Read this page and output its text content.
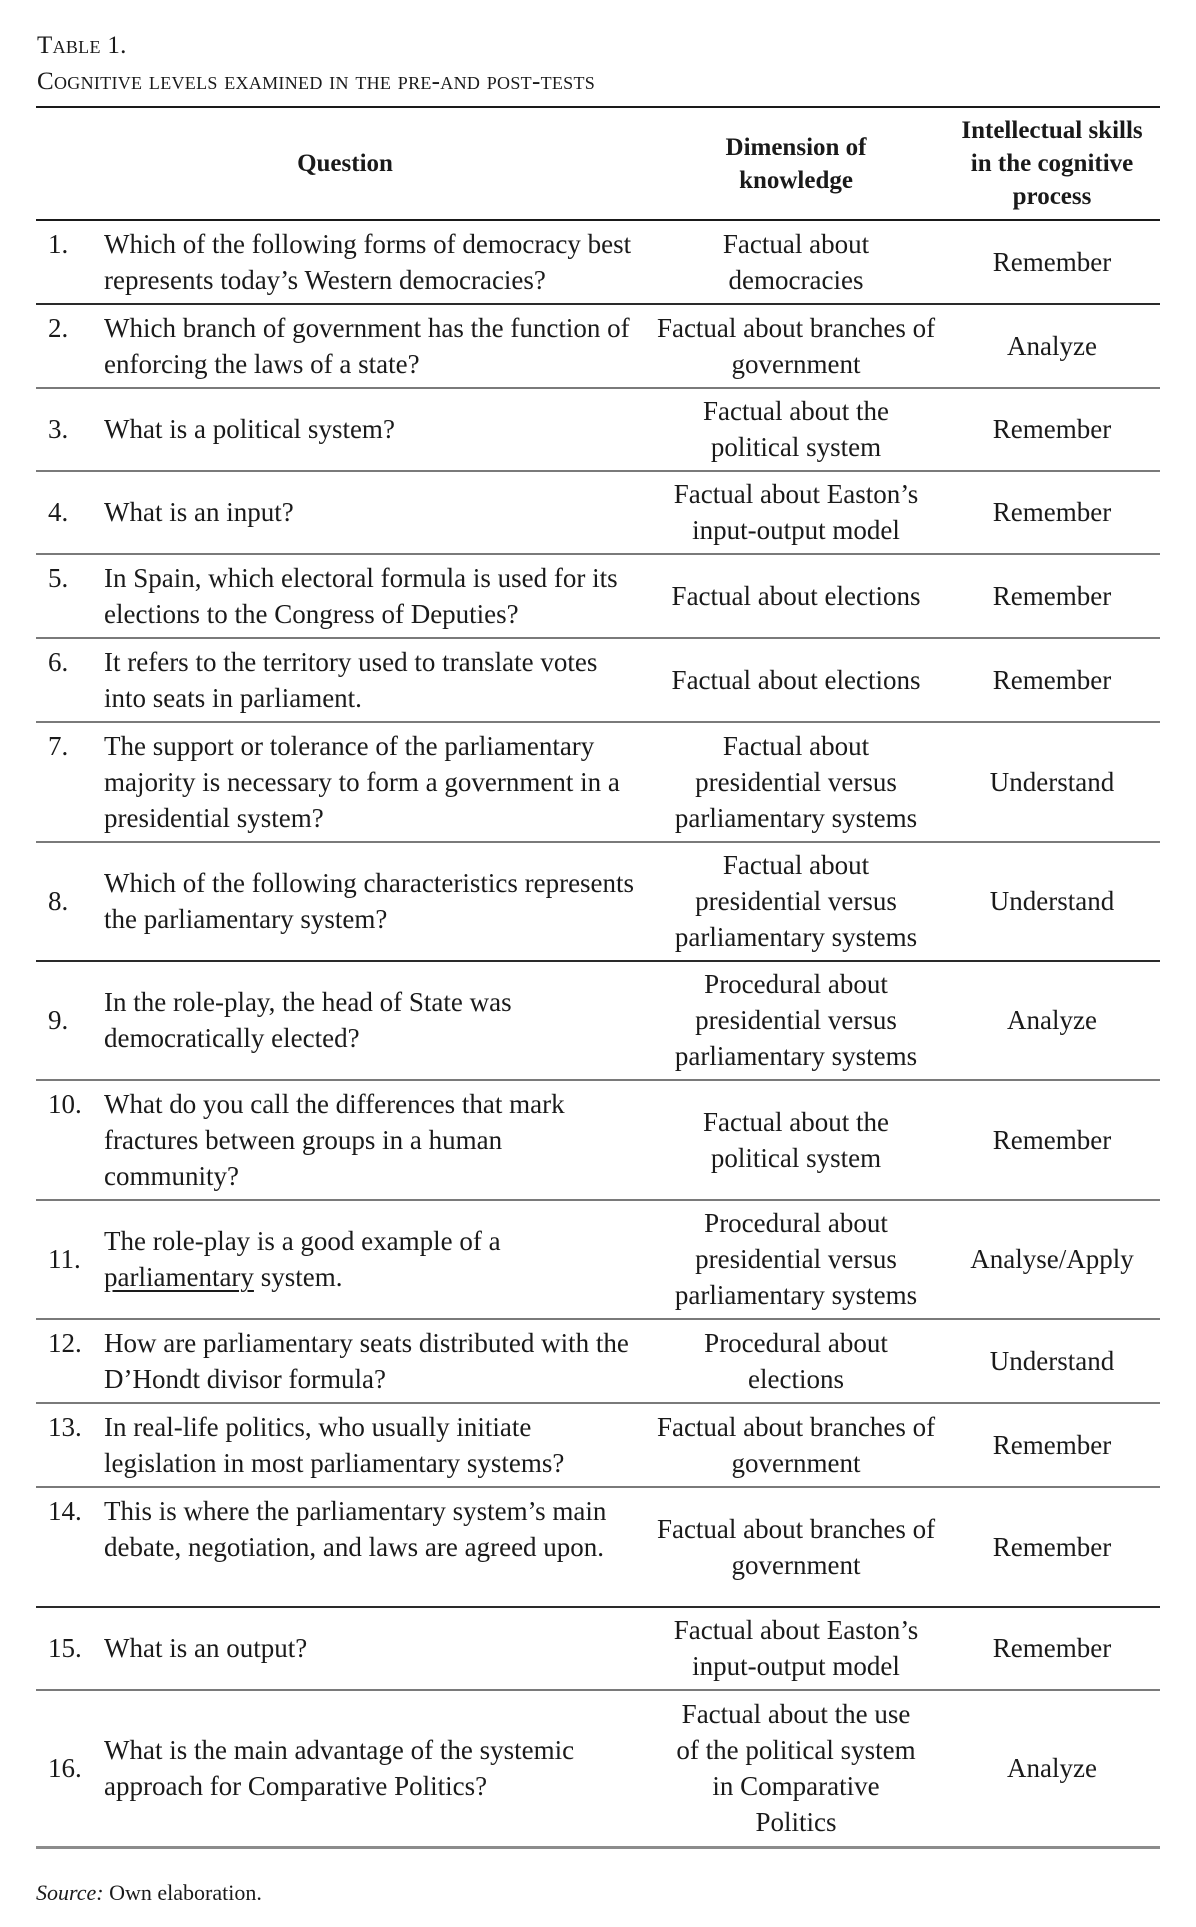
Table 1.
Cognitive levels examined in the pre-and post-tests
Question		Dimension of knowledge	Intellectual skills in the cognitive process

1.	Which of the following forms of democracy best represents today’s Western democracies?	Factual about democracies	Remember
2.	Which branch of government has the function of enforcing the laws of a state?	Factual about branches of government	Analyze
3.	What is a political system?	Factual about the political system	Remember
4.	What is an input?	Factual about Easton’s input-output model	Remember
5.	In Spain, which electoral formula is used for its elections to the Congress of Deputies?	Factual about elections	Remember
6.	It refers to the territory used to translate votes into seats in parliament.	Factual about elections	Remember
7.	The support or tolerance of the parliamentary majority is necessary to form a government in a presidential system?	Factual about presidential versus parliamentary systems	Understand
8.	Which of the following characteristics represents the parliamentary system?	Factual about presidential versus parliamentary systems	Understand
9.	In the role-play, the head of State was democratically elected?	Procedural about presidential versus parliamentary systems	Analyze
10.	What do you call the differences that mark fractures between groups in a human community?	Factual about the political system	Remember
11.	The role-play is a good example of a parliamentary system.	Procedural about presidential versus parliamentary systems	Analyse/Apply
12.	How are parliamentary seats distributed with the D’Hondt divisor formula?	Procedural about elections	Understand
13.	In real-life politics, who usually initiate legislation in most parliamentary systems?	Factual about branches of government	Remember
14.	This is where the parliamentary system’s main debate, negotiation, and laws are agreed upon.	Factual about branches of government	Remember
15.	What is an output?	Factual about Easton’s input-output model	Remember
16.	What is the main advantage of the systemic approach for Comparative Politics?	Factual about the use of the political system in Comparative Politics	Analyze
Source: Own elaboration.
